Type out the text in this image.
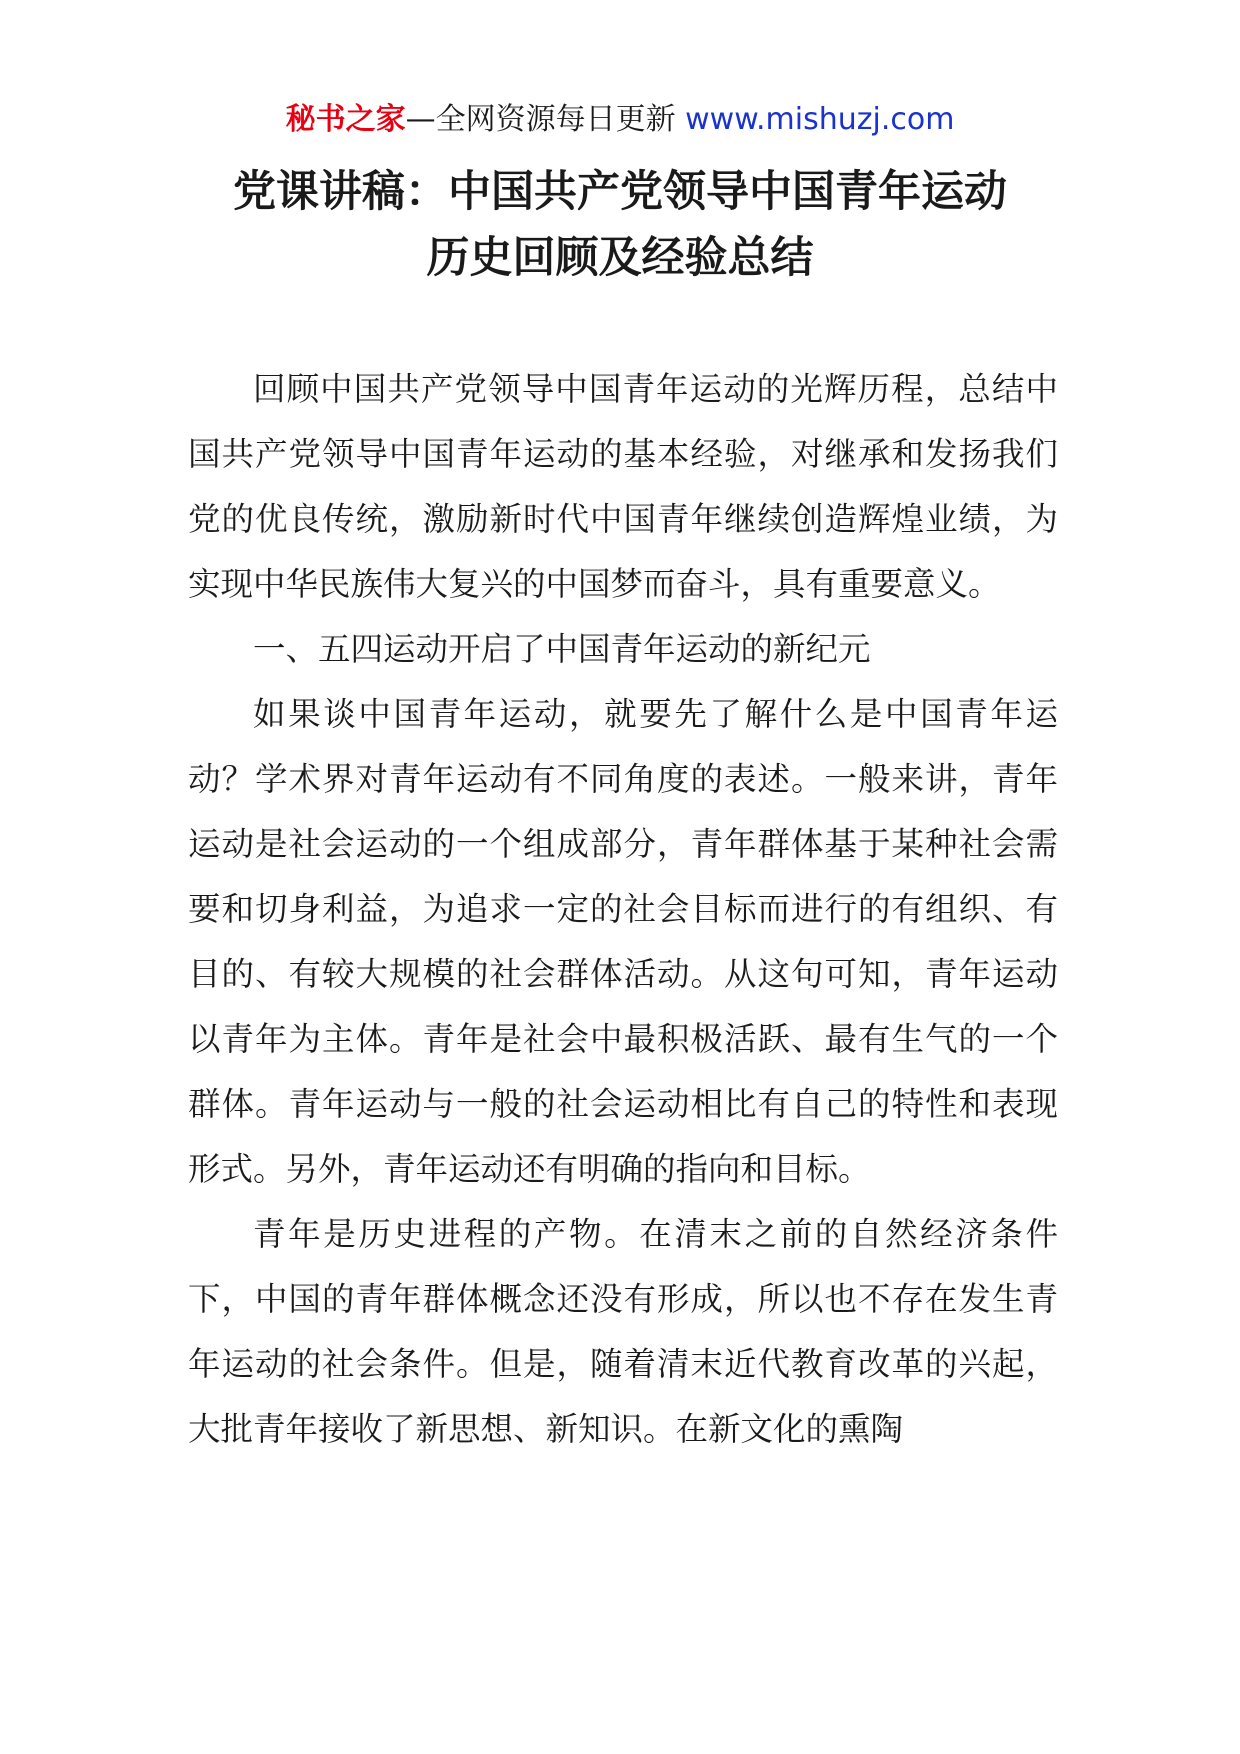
秘书之家—全网资源每日更新 www.mishuzj.com
党课讲稿：中国共产党领导中国青年运动
历史回顾及经验总结

回顾中国共产党领导中国青年运动的光辉历程，总结中国共产党领导中国青年运动的基本经验，对继承和发扬我们党的优良传统，激励新时代中国青年继续创造辉煌业绩，为实现中华民族伟大复兴的中国梦而奋斗，具有重要意义。

一、五四运动开启了中国青年运动的新纪元

如果谈中国青年运动，就要先了解什么是中国青年运动？学术界对青年运动有不同角度的表述。一般来讲，青年运动是社会运动的一个组成部分，青年群体基于某种社会需要和切身利益，为追求一定的社会目标而进行的有组织、有目的、有较大规模的社会群体活动。从这句可知，青年运动以青年为主体。青年是社会中最积极活跃、最有生气的一个群体。青年运动与一般的社会运动相比有自己的特性和表现形式。另外，青年运动还有明确的指向和目标。

青年是历史进程的产物。在清末之前的自然经济条件下，中国的青年群体概念还没有形成，所以也不存在发生青年运动的社会条件。但是，随着清末近代教育改革的兴起，大批青年接收了新思想、新知识。在新文化的熏陶
